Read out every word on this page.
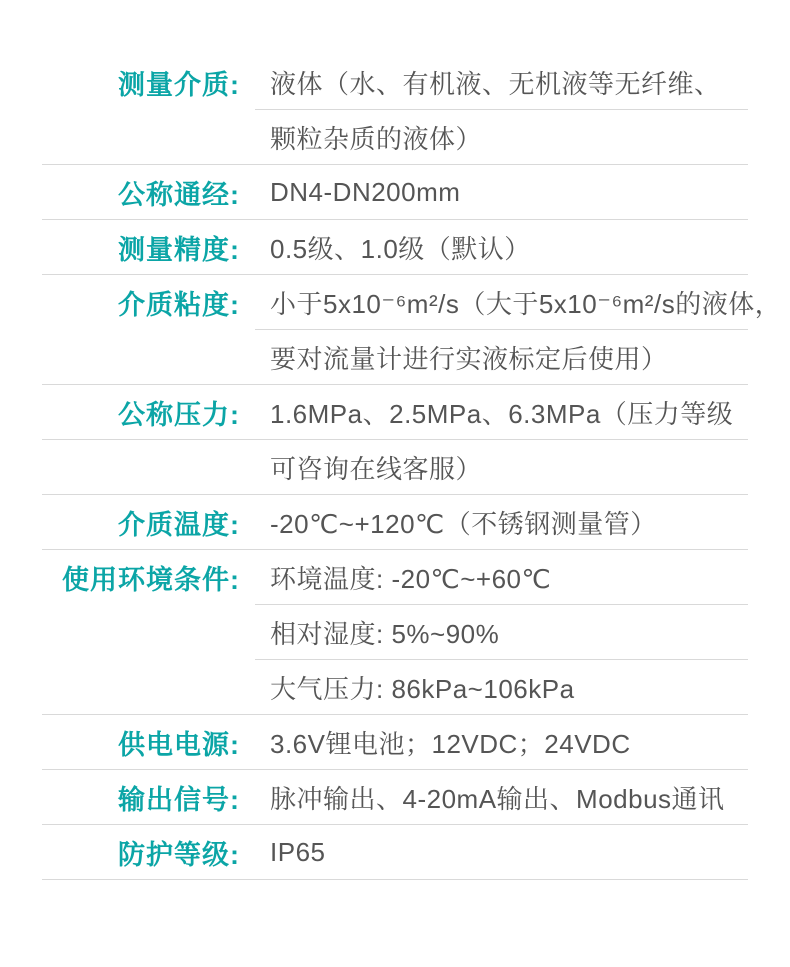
测量介质:	液体（水、有机液、无机液等无纤维、
颗粒杂质的液体）
公称通经:	DN4-DN200mm
测量精度:	0.5级、1.0级（默认）
介质粘度:	小于5x10⁻⁶m²/s（大于5x10⁻⁶m²/s的液体，
要对流量计进行实液标定后使用）
公称压力:	1.6MPa、2.5MPa、6.3MPa（压力等级
可咨询在线客服）
介质温度:	-20℃~+120℃（不锈钢测量管）
使用环境条件:	环境温度: -20℃~+60℃
相对湿度: 5%~90%
大气压力: 86kPa~106kPa
供电电源:	3.6V锂电池；12VDC；24VDC
输出信号:	脉冲输出、4-20mA输出、Modbus通讯
防护等级:	IP65
